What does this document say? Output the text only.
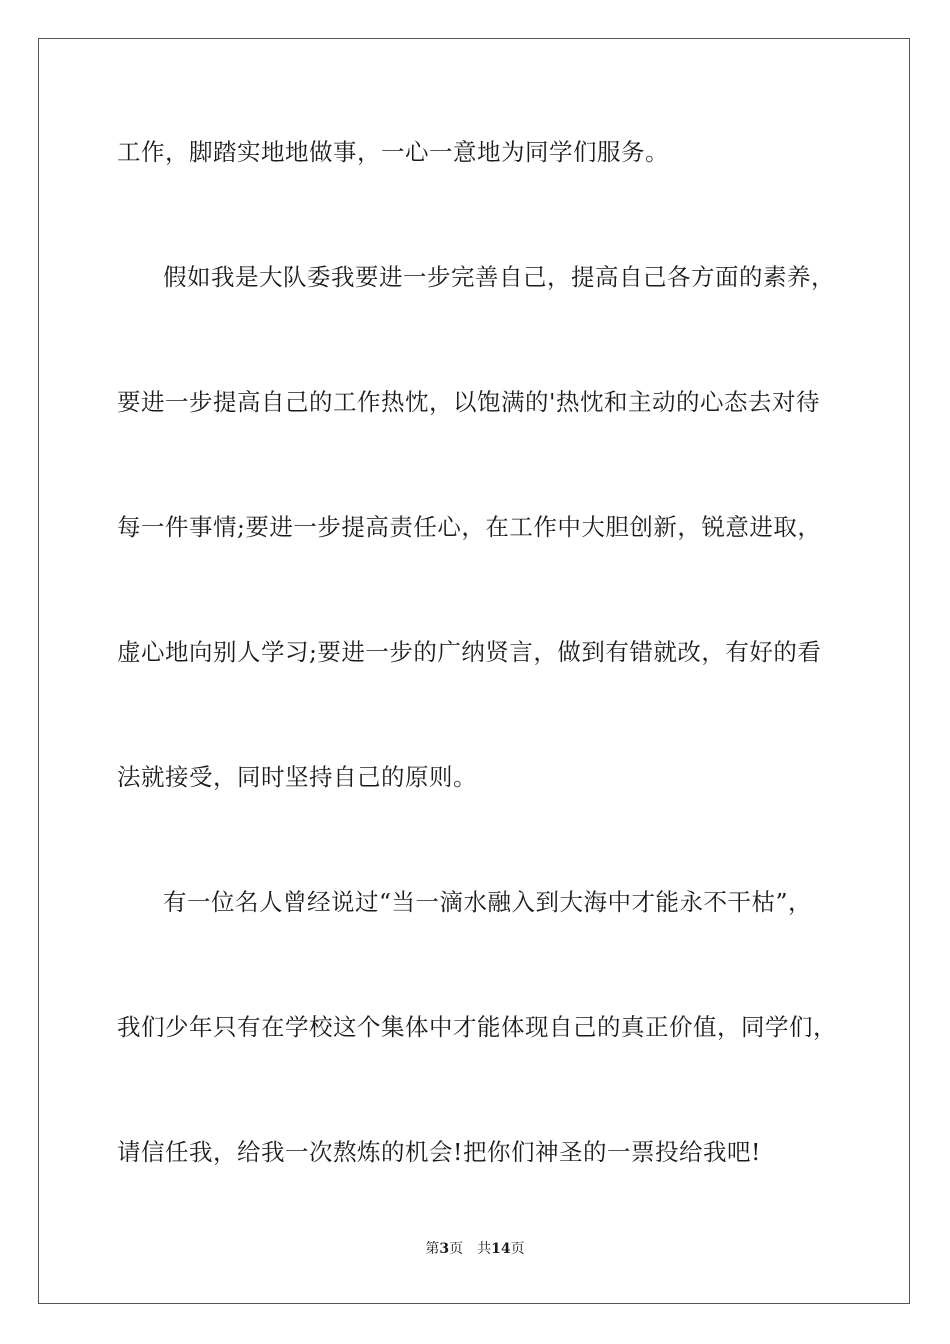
工作，脚踏实地地做事，一心一意地为同学们服务。
假如我是大队委我要进一步完善自己，提高自己各方面的素养，
要进一步提高自己的工作热忱，以饱满的'热忱和主动的心态去对待
每一件事情;要进一步提高责任心，在工作中大胆创新，锐意进取，
虚心地向别人学习;要进一步的广纳贤言，做到有错就改，有好的看
法就接受，同时坚持自己的原则。
有一位名人曾经说过“当一滴水融入到大海中才能永不干枯”，
我们少年只有在学校这个集体中才能体现自己的真正价值，同学们，
请信任我，给我一次熬炼的机会!把你们神圣的一票投给我吧!
第3页 共14页
